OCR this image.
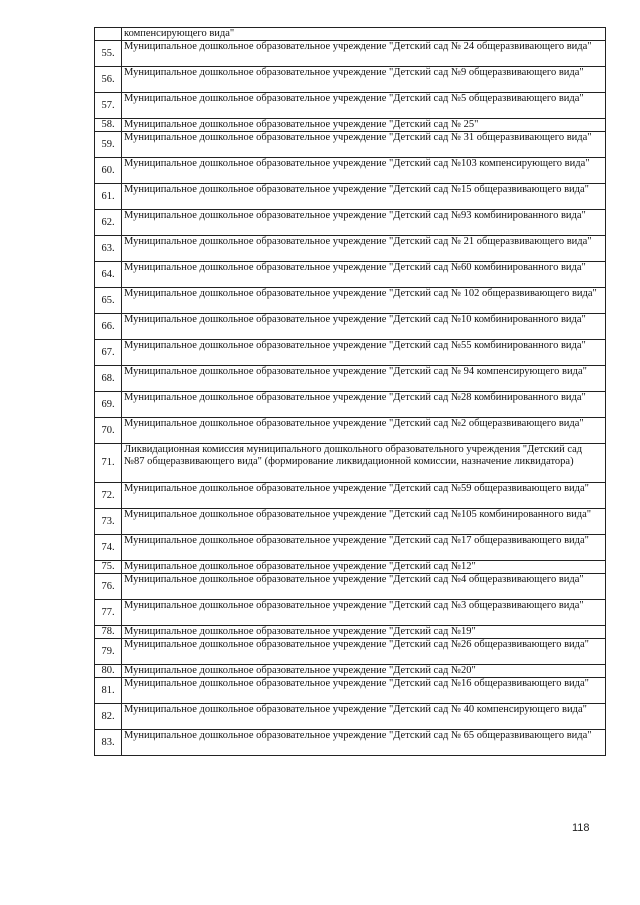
	компенсирующего вида"
55.	Муниципальное дошкольное образовательное учреждение "Детский сад № 24 общеразвивающего вида"
56.	Муниципальное дошкольное образовательное учреждение "Детский сад №9 общеразвивающего вида"
57.	Муниципальное дошкольное образовательное учреждение "Детский сад №5 общеразвивающего вида"
58.	Муниципальное дошкольное образовательное учреждение "Детский сад № 25"
59.	Муниципальное дошкольное образовательное учреждение "Детский сад № 31 общеразвивающего вида"
60.	Муниципальное дошкольное образовательное учреждение "Детский сад №103 компенсирующего вида"
61.	Муниципальное дошкольное образовательное учреждение "Детский сад №15 общеразвивающего вида"
62.	Муниципальное дошкольное образовательное учреждение "Детский сад №93 комбинированного вида"
63.	Муниципальное дошкольное образовательное учреждение "Детский сад № 21 общеразвивающего вида"
64.	Муниципальное дошкольное образовательное учреждение "Детский сад №60 комбинированного вида"
65.	Муниципальное дошкольное образовательное учреждение "Детский сад № 102 общеразвивающего вида"
66.	Муниципальное дошкольное образовательное учреждение "Детский сад №10 комбинированного вида"
67.	Муниципальное дошкольное образовательное учреждение "Детский сад №55 комбинированного вида"
68.	Муниципальное дошкольное образовательное учреждение "Детский сад № 94 компенсирующего вида"
69.	Муниципальное дошкольное образовательное учреждение "Детский сад №28 комбинированного вида"
70.	Муниципальное дошкольное образовательное учреждение "Детский сад №2 общеразвивающего вида"
71.	Ликвидационная комиссия муниципального дошкольного образовательного учреждения "Детский сад №87 общеразвивающего вида" (формирование ликвидационной комиссии, назначение ликвидатора)
72.	Муниципальное дошкольное образовательное учреждение "Детский сад №59 общеразвивающего вида"
73.	Муниципальное дошкольное образовательное учреждение "Детский сад №105 комбинированного вида"
74.	Муниципальное дошкольное образовательное учреждение "Детский сад №17 общеразвивающего вида"
75.	Муниципальное дошкольное образовательное учреждение "Детский сад №12"
76.	Муниципальное дошкольное образовательное учреждение "Детский сад №4 общеразвивающего вида"
77.	Муниципальное дошкольное образовательное учреждение "Детский сад №3 общеразвивающего вида"
78.	Муниципальное дошкольное образовательное учреждение "Детский сад №19"
79.	Муниципальное дошкольное образовательное учреждение "Детский сад №26 общеразвивающего вида"
80.	Муниципальное дошкольное образовательное учреждение "Детский сад №20"
81.	Муниципальное дошкольное образовательное учреждение "Детский сад №16 общеразвивающего вида"
82.	Муниципальное дошкольное образовательное учреждение "Детский сад № 40 компенсирующего вида"
83.	Муниципальное дошкольное образовательное учреждение "Детский сад № 65 общеразвивающего вида"
118
